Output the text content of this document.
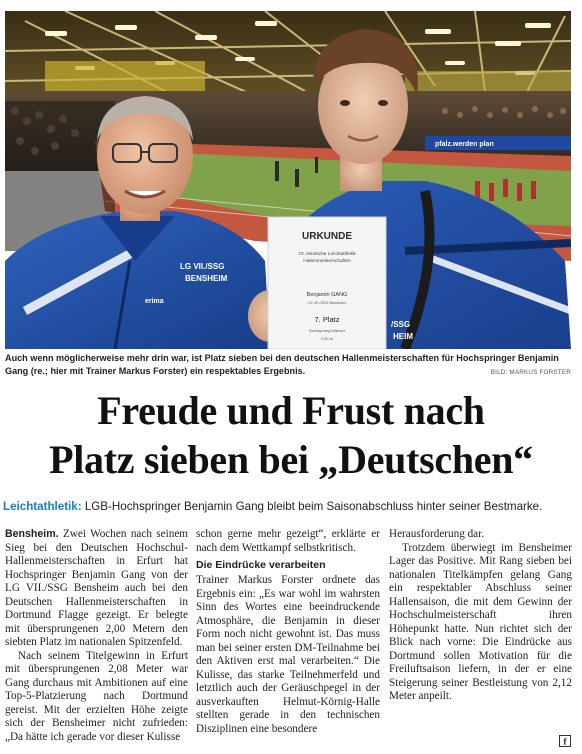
pfalz.werden plan
LG VII./SSG
BENSHEIM
erima
/SSG
HEIM
URKUNDE
73. Deutsche Leichtathletik
Hallenmeisterschaften
Benjamin GANG
LG VII./SSG Bensheim
7. Platz
Hochsprung Männer
2,00 m
Auch wenn möglicherweise mehr drin war, ist Platz sieben bei den deutschen Hallenmeisterschaften für Hochspringer Benjamin Gang (re.; hier mit Trainer Markus Forster) ein respektables Ergebnis.	BILD: MARKUS FORSTER
Freude und Frust nach
Platz sieben bei „Deutschen“
Leichtathletik: LGB-Hochspringer Benjamin Gang bleibt beim Saisonabschluss hinter seiner Bestmarke.

Bensheim. Zwei Wochen nach seinem Sieg bei den Deutschen Hochschul-Hallenmeisterschaften in Erfurt hat Hochspringer Benjamin Gang von der LG VII./SSG Bensheim auch bei den Deutschen Hallenmeisterschaften in Dortmund Flagge gezeigt. Er belegte mit übersprungenen 2,00 Metern den siebten Platz im nationalen Spitzenfeld.

Nach seinem Titelgewinn in Erfurt mit übersprungenen 2,08 Meter war Gang durchaus mit Ambitionen auf eine Top-5-Platzierung nach Dortmund gereist. Mit der erzielten Höhe zeigte sich der Bensheimer nicht zufrieden: „Da hätte ich gerade vor dieser Kulisse

schon gerne mehr gezeigt“, erklärte er nach dem Wettkampf selbstkritisch.

Die Eindrücke verarbeiten

Trainer Markus Forster ordnete das Ergebnis ein: „Es war wohl im wahrsten Sinn des Wortes eine beeindruckende Atmosphäre, die Benjamin in dieser Form noch nicht gewohnt ist. Das muss man bei seiner ersten DM-Teilnahme bei den Aktiven erst mal verarbeiten.“ Die Kulisse, das starke Teilnehmerfeld und letztlich auch der Geräuschpegel in der ausverkauften Helmut-Körnig-Halle stellten gerade in den technischen Disziplinen eine besondere

Herausforderung dar.

Trotzdem überwiegt im Bensheimer Lager das Positive. Mit Rang sieben bei nationalen Titelkämpfen gelang Gang ein respektabler Abschluss seiner Hallensaison, die mit dem Gewinn der Hochschulmeisterschaft ihren Höhepunkt hatte. Nun richtet sich der Blick nach vorne: Die Eindrücke aus Dortmund sollen Motivation für die Freiluftsaison liefern, in der er eine Steigerung seiner Bestleistung von 2,12 Meter anpeilt.

f
